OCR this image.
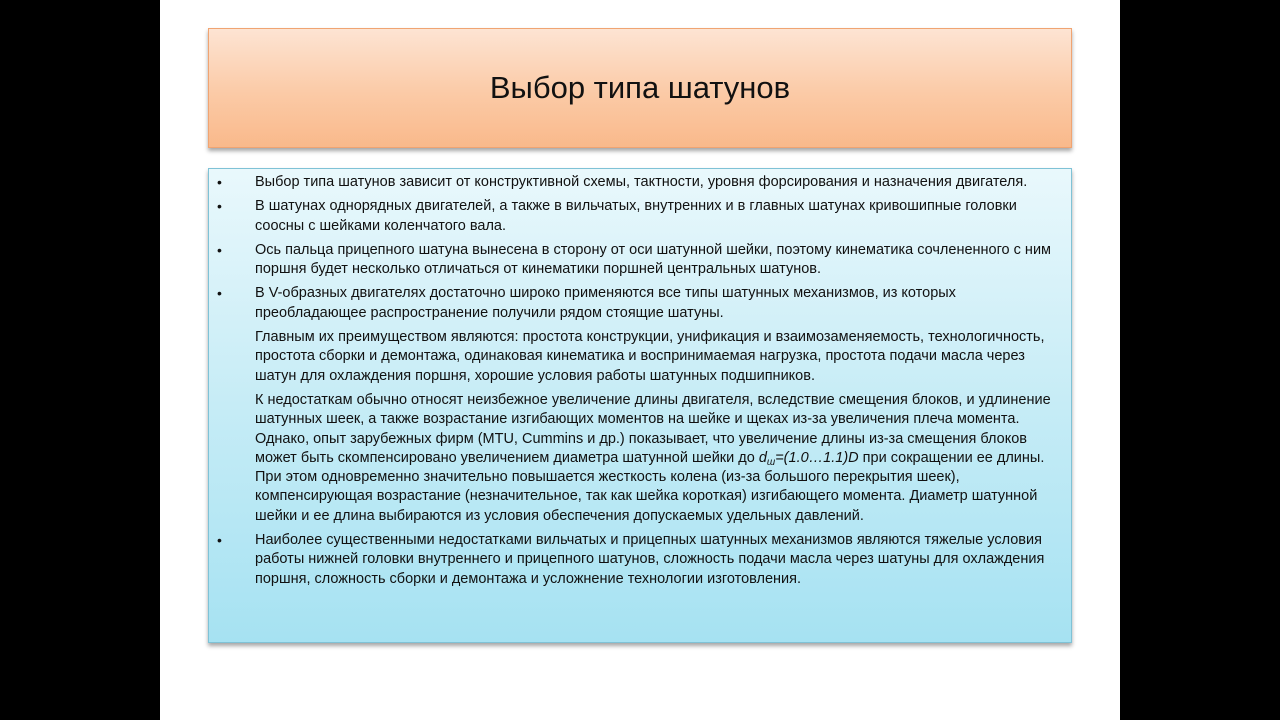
Выбор типа шатунов

• Выбор типа шатунов зависит от конструктивной схемы, тактности, уровня форсирования и назначения двигателя.

• В шатунах однорядных двигателей, а также в вильчатых, внутренних и в главных шатунах кривошипные головки соосны с шейками коленчатого вала.

• Ось пальца прицепного шатуна вынесена в сторону от оси шатунной шейки, поэтому кинематика сочлененного с ним поршня будет несколько отличаться от кинематики поршней центральных шатунов.

• В V-образных двигателях достаточно широко применяются все типы шатунных механизмов, из которых преобладающее распространение получили рядом стоящие шатуны.

Главным их преимуществом являются: простота конструкции, унификация и взаимозаменяемость, технологичность, простота сборки и демонтажа, одинаковая кинематика и воспринимаемая нагрузка, простота подачи масла через шатун для охлаждения поршня, хорошие условия работы шатунных подшипников.

К недостаткам обычно относят неизбежное увеличение длины двигателя, вследствие смещения блоков, и удлинение шатунных шеек, а также возрастание изгибающих моментов на шейке и щеках из-за увеличения плеча момента. Однако, опыт зарубежных фирм (MTU, Cummins и др.) показывает, что увеличение длины из-за смещения блоков может быть скомпенсировано увеличением диаметра шатунной шейки до $d_ш=(1.0\dots 1.1)D$ при сокращении ее длины. При этом одновременно значительно повышается жесткость колена (из-за большого перекрытия шеек), компенсирующая возрастание (незначительное, так как шейка короткая) изгибающего момента. Диаметр шатунной шейки и ее длина выбираются из условия обеспечения допускаемых удельных давлений.

• Наиболее существенными недостатками вильчатых и прицепных шатунных механизмов являются тяжелые условия работы нижней головки внутреннего и прицепного шатунов, сложность подачи масла через шатуны для охлаждения поршня, сложность сборки и демонтажа и усложнение технологии изготовления.
